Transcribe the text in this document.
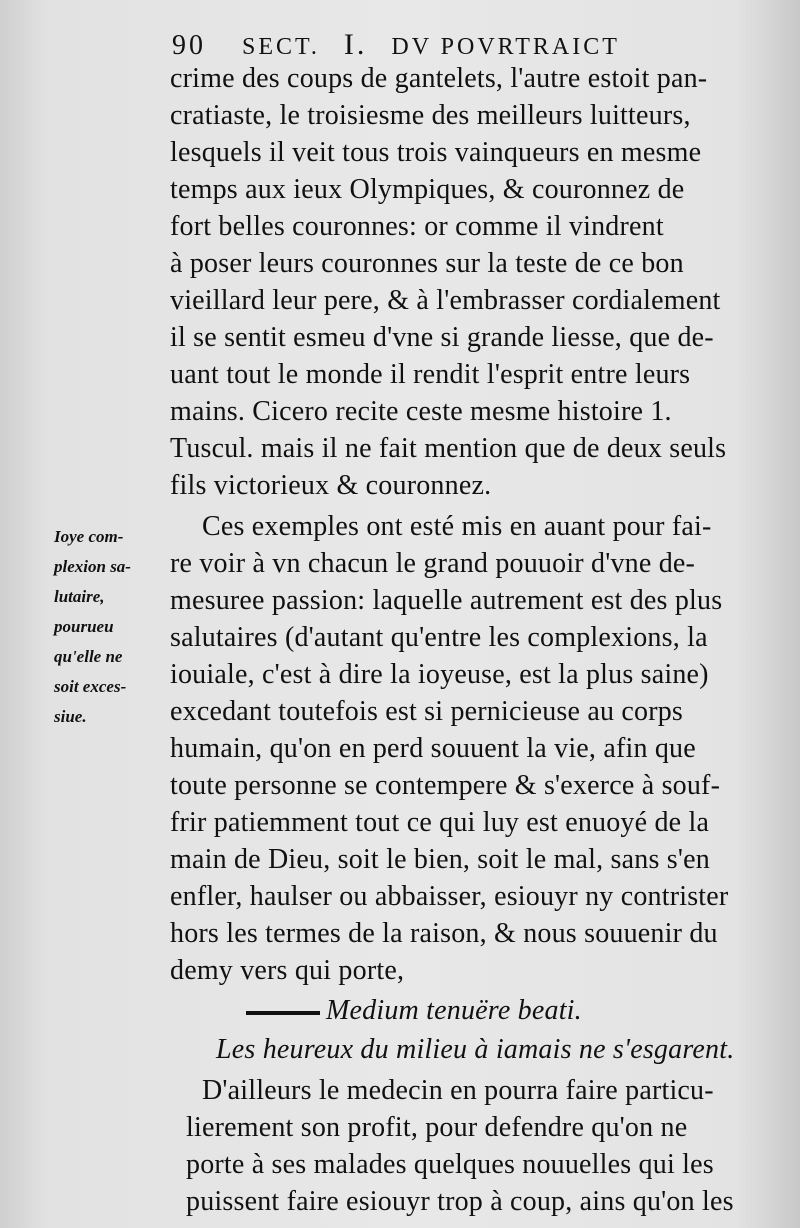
90 SECT. I. DV POVRTRAICT
Ioye com-
plexion sa-
lutaire,
pourueu
qu'elle ne
soit exces-
siue.
crime des coups de gantelets, l'autre estoit pan-
cratiaste, le troisiesme des meilleurs luitteurs,
lesquels il veit tous trois vainqueurs en mesme
temps aux ieux Olympiques, & couronnez de
fort belles couronnes: or comme il vindrent
à poser leurs couronnes sur la teste de ce bon
vieillard leur pere, & à l'embrasser cordialement
il se sentit esmeu d'vne si grande liesse, que de-
uant tout le monde il rendit l'esprit entre leurs
mains. Cicero recite ceste mesme histoire 1.
Tuscul. mais il ne fait mention que de deux seuls
fils victorieux & couronnez.
Ces exemples ont esté mis en auant pour fai-
re voir à vn chacun le grand pouuoir d'vne de-
mesuree passion: laquelle autrement est des plus
salutaires (d'autant qu'entre les complexions, la
iouiale, c'est à dire la ioyeuse, est la plus saine)
excedant toutefois est si pernicieuse au corps
humain, qu'on en perd souuent la vie, afin que
toute personne se contempere & s'exerce à souf-
frir patiemment tout ce qui luy est enuoyé de la
main de Dieu, soit le bien, soit le mal, sans s'en
enfler, haulser ou abbaisser, esiouyr ny contrister
hors les termes de la raison, & nous souuenir du
demy vers qui porte,
Medium tenuëre beati.
Les heureux du milieu à iamais ne s'esgarent.
D'ailleurs le medecin en pourra faire particu-
lierement son profit, pour defendre qu'on ne
porte à ses malades quelques nouuelles qui les
puissent faire esiouyr trop à coup, ains qu'on les
